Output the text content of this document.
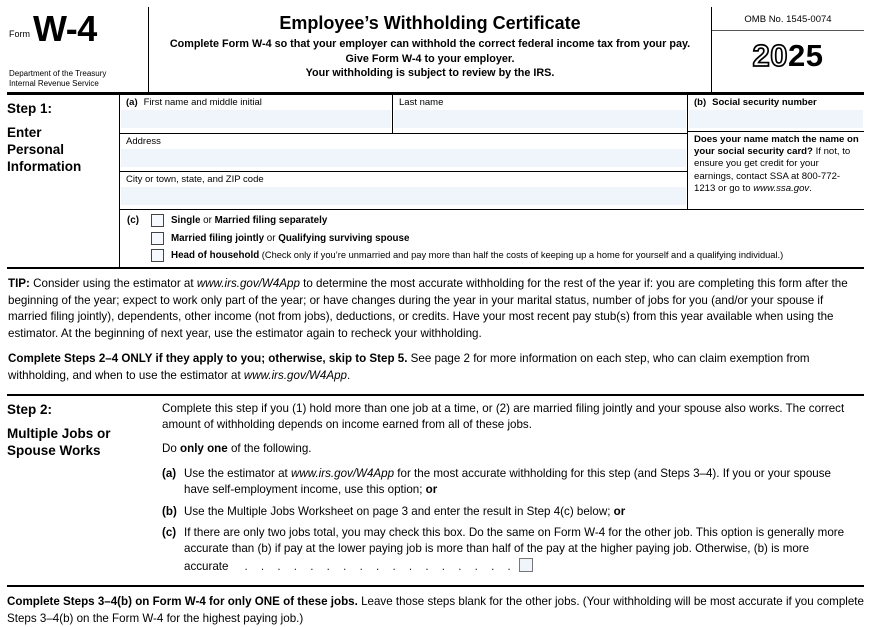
Form W-4
Department of the Treasury
Internal Revenue Service
Employee’s Withholding Certificate
Complete Form W-4 so that your employer can withhold the correct federal income tax from your pay.
Give Form W-4 to your employer.
Your withholding is subject to review by the IRS.
OMB No. 1545-0074
2025
Step 1:
Enter Personal Information
(a) First name and middle initial	Last name
Address
City or town, state, and ZIP code
(b) Social security number
Does your name match the name on your social security card? If not, to ensure you get credit for your earnings, contact SSA at 800-772-1213 or go to www.ssa.gov.
(c)	Single or Married filing separately
Married filing jointly or Qualifying surviving spouse
Head of household (Check only if you’re unmarried and pay more than half the costs of keeping up a home for yourself and a qualifying individual.)

TIP: Consider using the estimator at www.irs.gov/W4App to determine the most accurate withholding for the rest of the year if: you are completing this form after the beginning of the year; expect to work only part of the year; or have changes during the year in your marital status, number of jobs for you (and/or your spouse if married filing jointly), dependents, other income (not from jobs), deductions, or credits. Have your most recent pay stub(s) from this year available when using the estimator. At the beginning of next year, use the estimator again to recheck your withholding.

Complete Steps 2–4 ONLY if they apply to you; otherwise, skip to Step 5. See page 2 for more information on each step, who can claim exemption from withholding, and when to use the estimator at www.irs.gov/W4App.

Step 2:
Multiple Jobs or Spouse Works

Complete this step if you (1) hold more than one job at a time, or (2) are married filing jointly and your spouse also works. The correct amount of withholding depends on income earned from all of these jobs.

Do only one of the following.

(a) Use the estimator at www.irs.gov/W4App for the most accurate withholding for this step (and Steps 3–4). If you or your spouse have self-employment income, use this option; or
(b) Use the Multiple Jobs Worksheet on page 3 and enter the result in Step 4(c) below; or
(c) If there are only two jobs total, you may check this box. Do the same on Form W-4 for the other job. This option is generally more accurate than (b) if pay at the lower paying job is more than half of the pay at the higher paying job. Otherwise, (b) is more accurate . . . . . . . . . . . . . . . . .
Complete Steps 3–4(b) on Form W-4 for only ONE of these jobs. Leave those steps blank for the other jobs. (Your withholding will be most accurate if you complete Steps 3–4(b) on the Form W-4 for the highest paying job.)
